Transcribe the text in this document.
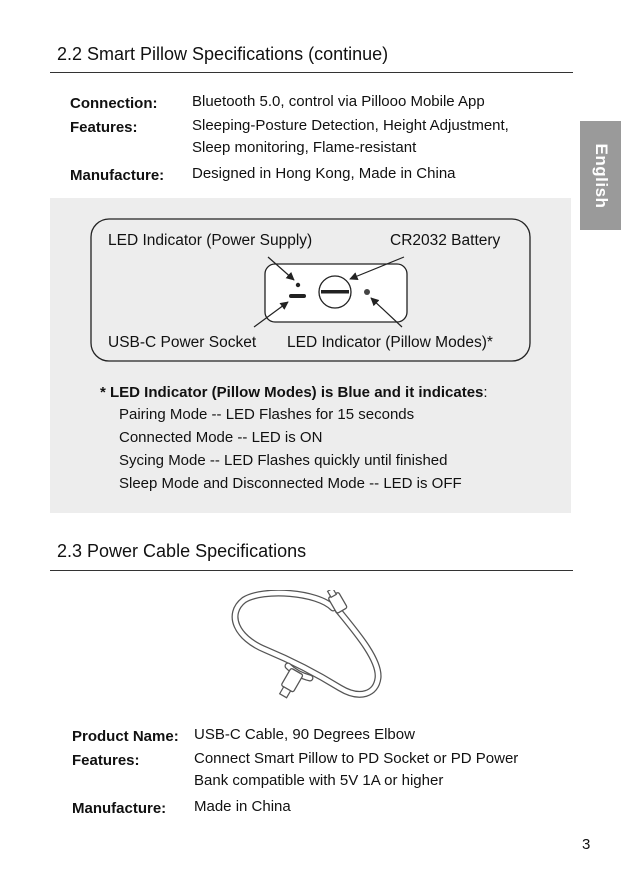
2.2 Smart Pillow Specifications (continue)
Connection: Bluetooth 5.0, control via Pillooo Mobile App
Features:	Sleeping-Posture Detection, Height Adjustment,
Sleep monitoring, Flame-resistant
Manufacture: Designed in Hong Kong, Made in China	English
LED Indicator (Power Supply)	CR2032 Battery
USB-C Power Socket LED Indicator (Pillow Modes)*
* LED Indicator (Pillow Modes) is Blue and it indicates:
Pairing Mode -- LED Flashes for 15 seconds
Connected Mode -- LED is ON
Sycing Mode -- LED Flashes quickly until finished
Sleep Mode and Disconnected Mode -- LED is OFF
2.3 Power Cable Specifications
Product Name: USB-C Cable, 90 Degrees Elbow
Features:	Connect Smart Pillow to PD Socket or PD Power
Bank compatible with 5V 1A or higher
Manufacture: Made in China
3
